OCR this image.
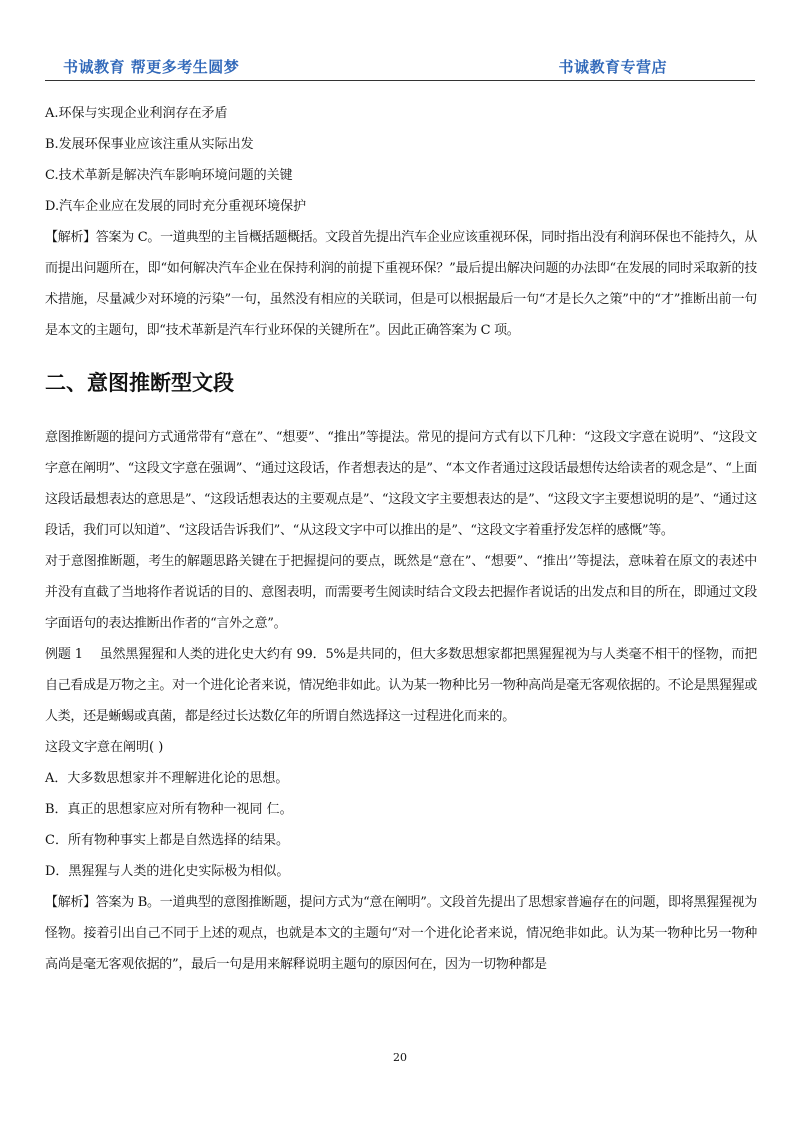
书诚教育 帮更多考生圆梦	书诚教育专营店
A.环保与实现企业利润存在矛盾
B.发展环保事业应该注重从实际出发
C.技术革新是解决汽车影响环境问题的关键
D.汽车企业应在发展的同时充分重视环境保护

【解析】答案为 C。一道典型的主旨概括题概括。文段首先提出汽车企业应该重视环保，同时指出没有利润环保也不能持久，从而提出问题所在，即“如何解决汽车企业在保持利润的前提下重视环保？”最后提出解决问题的办法即“在发展的同时采取新的技术措施，尽量减少对环境的污染”一句，虽然没有相应的关联词，但是可以根据最后一句“才是长久之策”中的“才”推断出前一句是本文的主题句，即“技术革新是汽车行业环保的关键所在”。因此正确答案为 C 项。

二、意图推断型文段

意图推断题的提问方式通常带有“意在”、“想要”、“推出”等提法。常见的提问方式有以下几种：“这段文字意在说明”、“这段文字意在阐明”、“这段文字意在强调”、“通过这段话，作者想表达的是”、“本文作者通过这段话最想传达给读者的观念是”、“上面这段话最想表达的意思是”、“这段话想表达的主要观点是”、“这段文字主要想表达的是”、“这段文字主要想说明的是”、“通过这段话，我们可以知道”、“这段话告诉我们”、“从这段文字中可以推出的是”、“这段文字着重抒发怎样的感慨”等。

对于意图推断题，考生的解题思路关键在于把握提问的要点，既然是“意在”、“想要”、“推出’’等提法，意味着在原文的表述中并没有直截了当地将作者说话的目的、意图表明，而需要考生阅读时结合文段去把握作者说话的出发点和目的所在，即通过文段字面语句的表达推断出作者的“言外之意”。

例题 1　 虽然黑猩猩和人类的进化史大约有 99．5%是共同的，但大多数思想家都把黑猩猩视为与人类毫不相干的怪物，而把自己看成是万物之主。对一个进化论者来说，情况绝非如此。认为某一物种比另一物种高尚是毫无客观依据的。不论是黑猩猩或人类，还是蜥蜴或真菌，都是经过长达数亿年的所谓自然选择这一过程进化而来的。

这段文字意在阐明( )
A．大多数思想家并不理解进化论的思想。
B．真正的思想家应对所有物种一视同 仁。
C．所有物种事实上都是自然选择的结果。
D．黑猩猩与人类的进化史实际极为相似。

【解析】答案为 B。一道典型的意图推断题，提问方式为“意在阐明”。文段首先提出了思想家普遍存在的问题，即将黑猩猩视为怪物。接着引出自己不同于上述的观点，也就是本文的主题句“对一个进化论者来说，情况绝非如此。认为某一物种比另一物种高尚是毫无客观依据的”，最后一句是用来解释说明主题句的原因何在，因为一切物种都是

20
